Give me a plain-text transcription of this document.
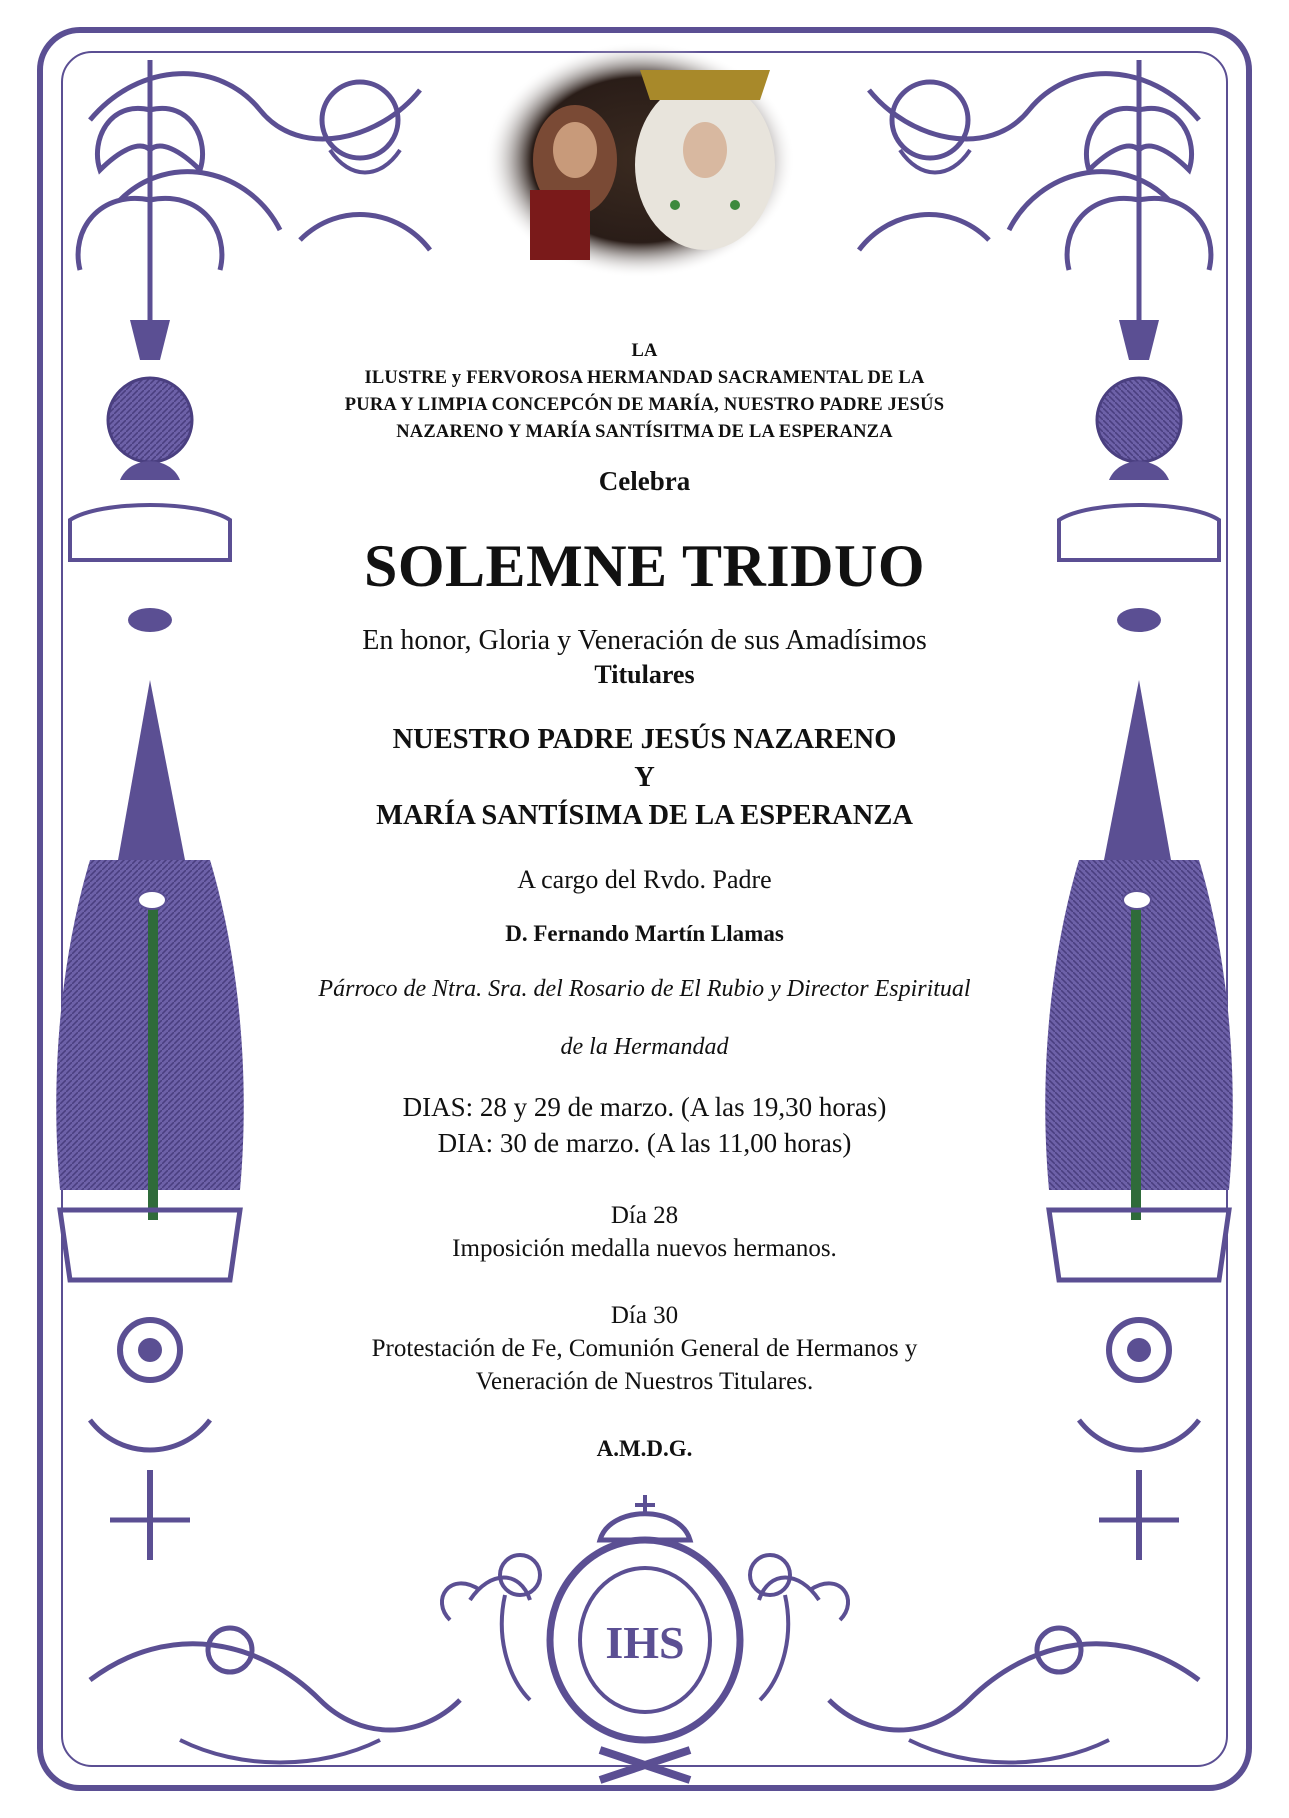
IHS

LA

ILUSTRE y FERVOROSA HERMANDAD SACRAMENTAL DE LA

PURA Y LIMPIA CONCEPCÓN DE MARÍA, NUESTRO PADRE JESÚS

NAZARENO Y MARÍA SANTÍSITMA DE LA ESPERANZA

Celebra

SOLEMNE TRIDUO

En honor, Gloria y Veneración de sus Amadísimos

Titulares

NUESTRO PADRE JESÚS NAZARENO

Y

MARÍA SANTÍSIMA DE LA ESPERANZA

A cargo del Rvdo. Padre

D. Fernando Martín Llamas

Párroco de Ntra. Sra. del Rosario de El Rubio y Director Espiritual

de la Hermandad

DIAS: 28 y 29 de marzo. (A las 19,30 horas)

DIA: 30 de marzo. (A las 11,00 horas)

Día 28

Imposición medalla nuevos hermanos.

Día 30

Protestación de Fe, Comunión General de Hermanos y

Veneración de Nuestros Titulares.

A.M.D.G.
